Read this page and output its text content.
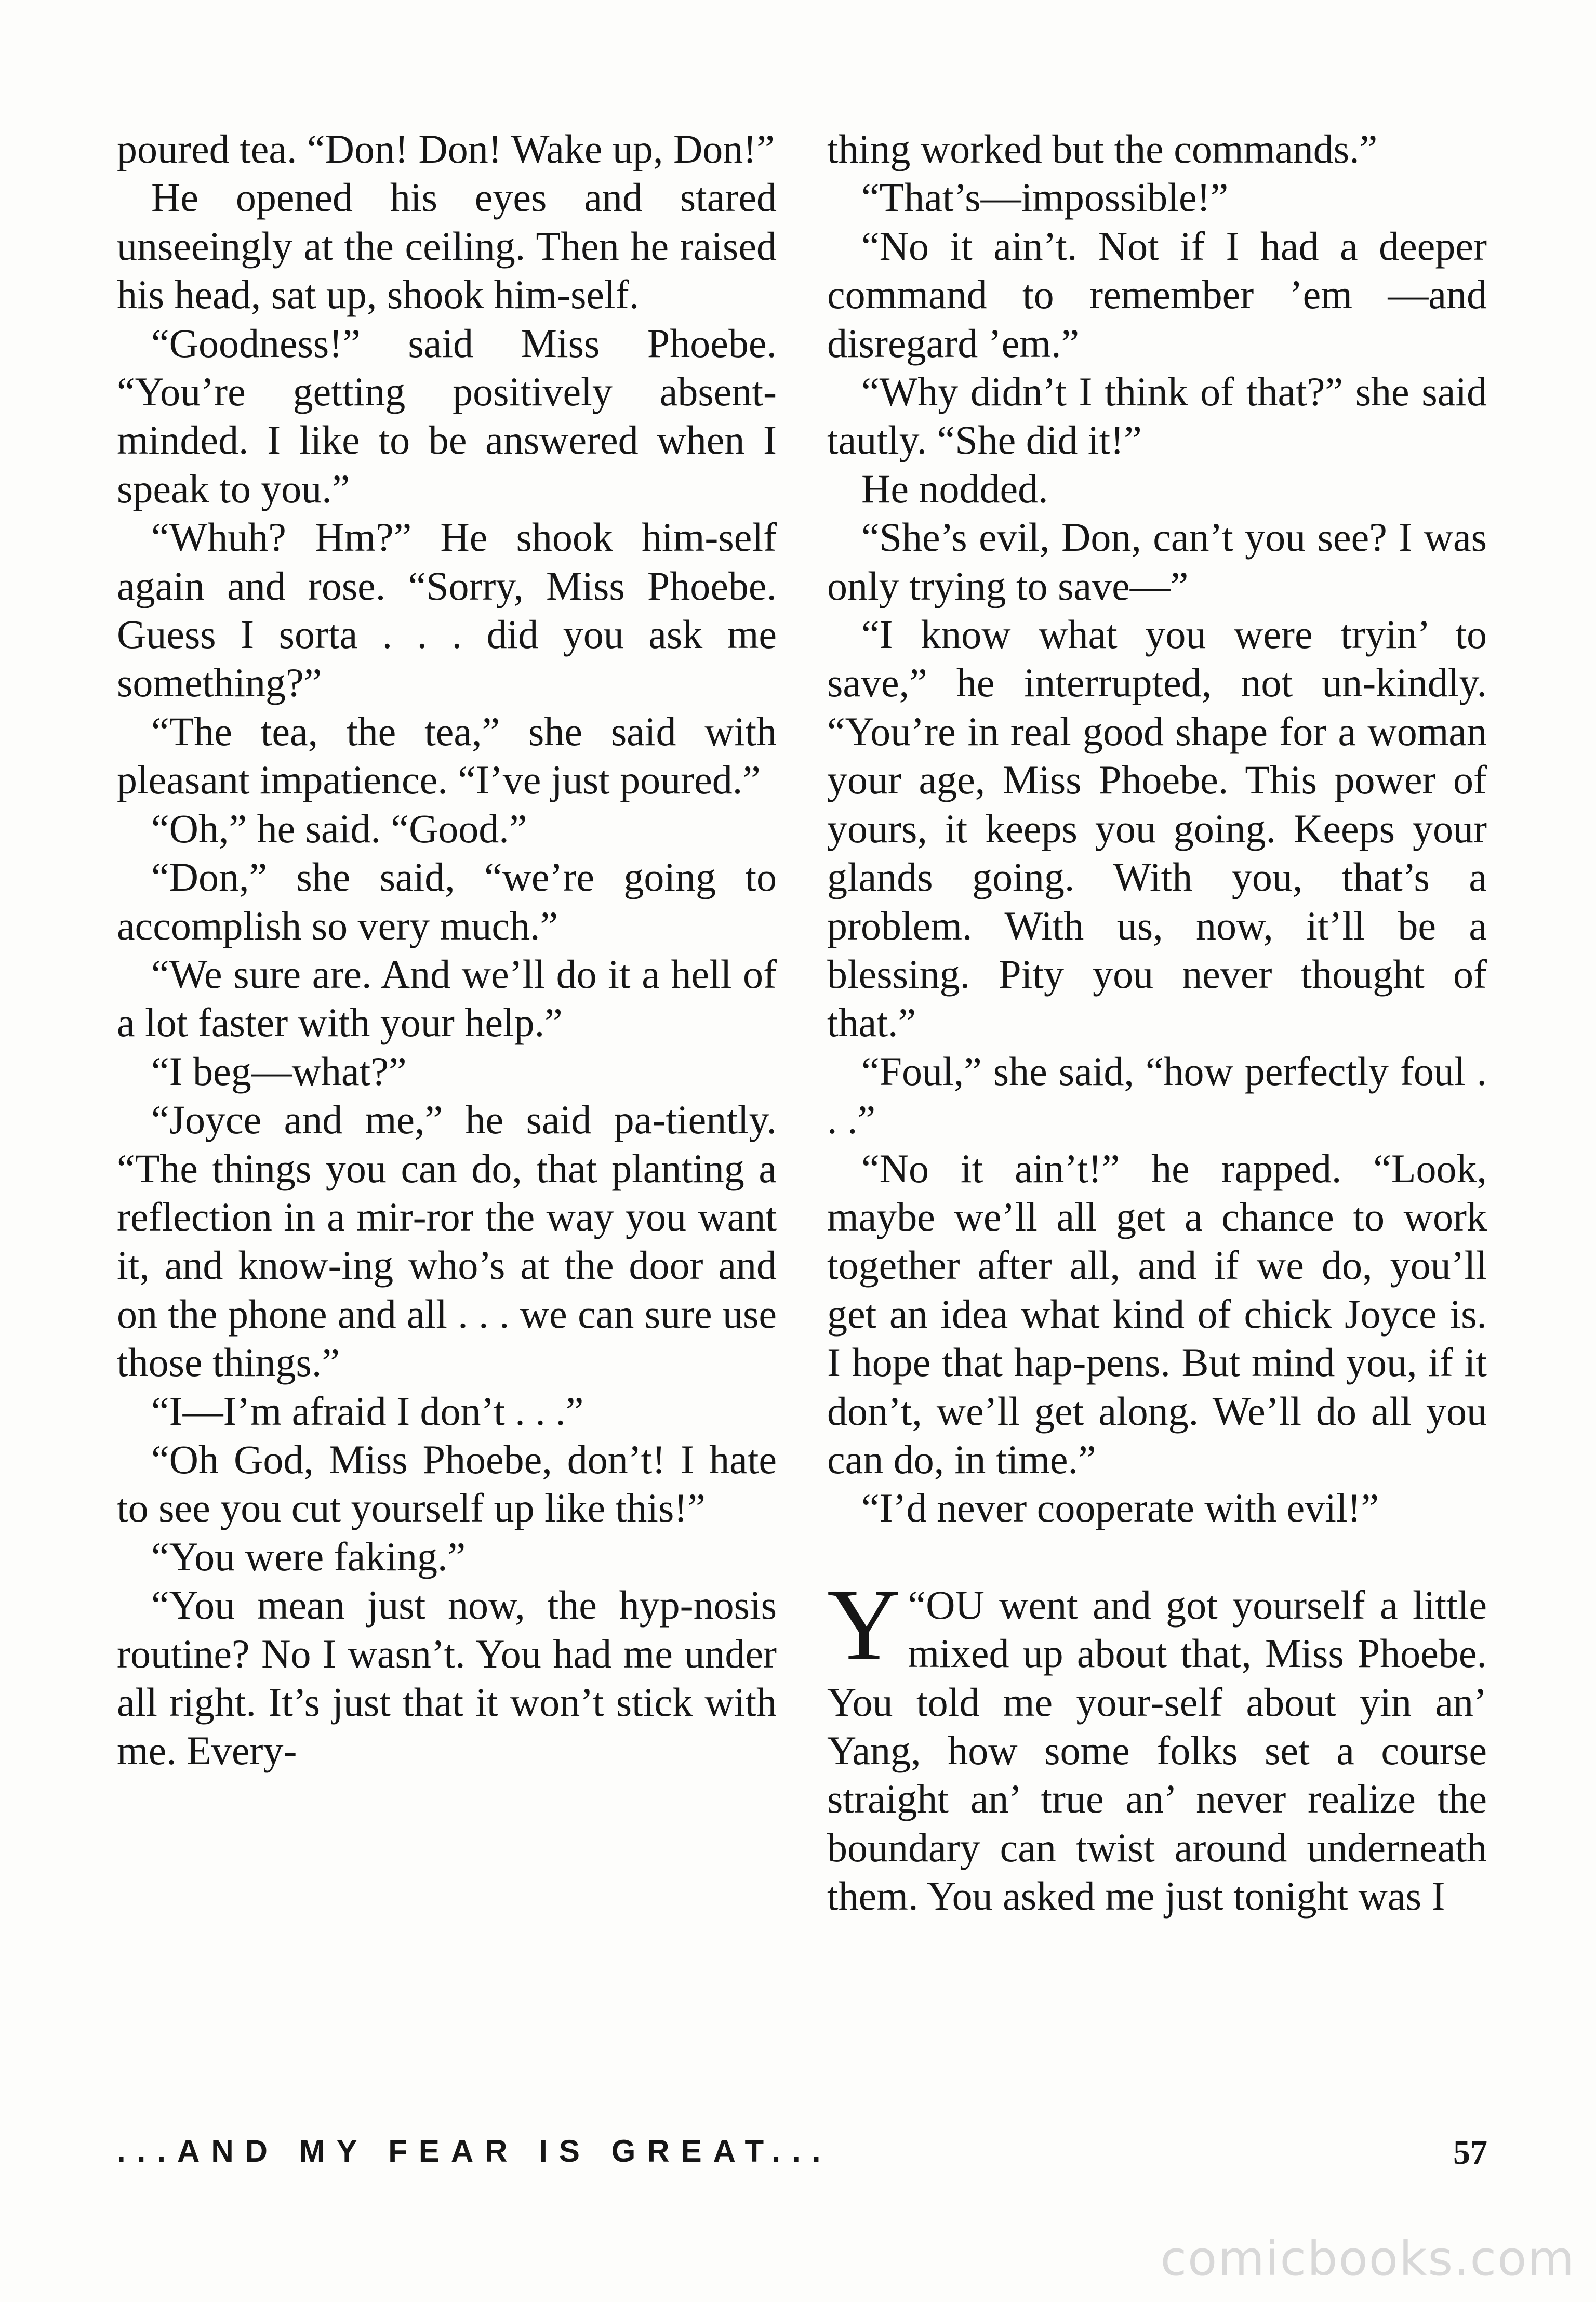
poured tea. “Don! Don! Wake up, Don!”

He opened his eyes and stared unseeingly at the ceiling. Then he raised his head, sat up, shook him‐self.

“Goodness!” said Miss Phoebe. “You’re getting positively absent‐minded. I like to be answered when I speak to you.”

“Whuh? Hm?” He shook him‐self again and rose. “Sorry, Miss Phoebe. Guess I sorta . . . did you ask me something?”

“The tea, the tea,” she said with pleasant impatience. “I’ve just poured.”

“Oh,” he said. “Good.”

“Don,” she said, “we’re going to accomplish so very much.”

“We sure are. And we’ll do it a hell of a lot faster with your help.”

“I beg—what?”

“Joyce and me,” he said pa‐tiently. “The things you can do, that planting a reflection in a mir‐ror the way you want it, and know‐ing who’s at the door and on the phone and all . . . we can sure use those things.”

“I—I’m afraid I don’t . . .”

“Oh God, Miss Phoebe, don’t! I hate to see you cut yourself up like this!”

“You were faking.”

“You mean just now, the hyp‐nosis routine? No I wasn’t. You had me under all right. It’s just that it won’t stick with me. Every‐

thing worked but the commands.”

“That’s—impossible!”

“No it ain’t. Not if I had a deeper command to remember ’em —and disregard ’em.”

“Why didn’t I think of that?” she said tautly. “She did it!”

He nodded.

“She’s evil, Don, can’t you see? I was only trying to save—”

“I know what you were tryin’ to save,” he interrupted, not un‐kindly. “You’re in real good shape for a woman your age, Miss Phoebe. This power of yours, it keeps you going. Keeps your glands going. With you, that’s a problem. With us, now, it’ll be a blessing. Pity you never thought of that.”

“Foul,” she said, “how perfectly foul . . .”

“No it ain’t!” he rapped. “Look, maybe we’ll all get a chance to work together after all, and if we do, you’ll get an idea what kind of chick Joyce is. I hope that hap‐pens. But mind you, if it don’t, we’ll get along. We’ll do all you can do, in time.”

“I’d never cooperate with evil!”

“
Y OU went and got yourself a little mixed up about that, Miss Phoebe. You told me your‐self about yin an’ Yang, how some folks set a course straight an’ true an’ never realize the boundary can twist around underneath them. You asked me just tonight was I

...AND MY FEAR IS GREAT...	57
comicbooks.com
